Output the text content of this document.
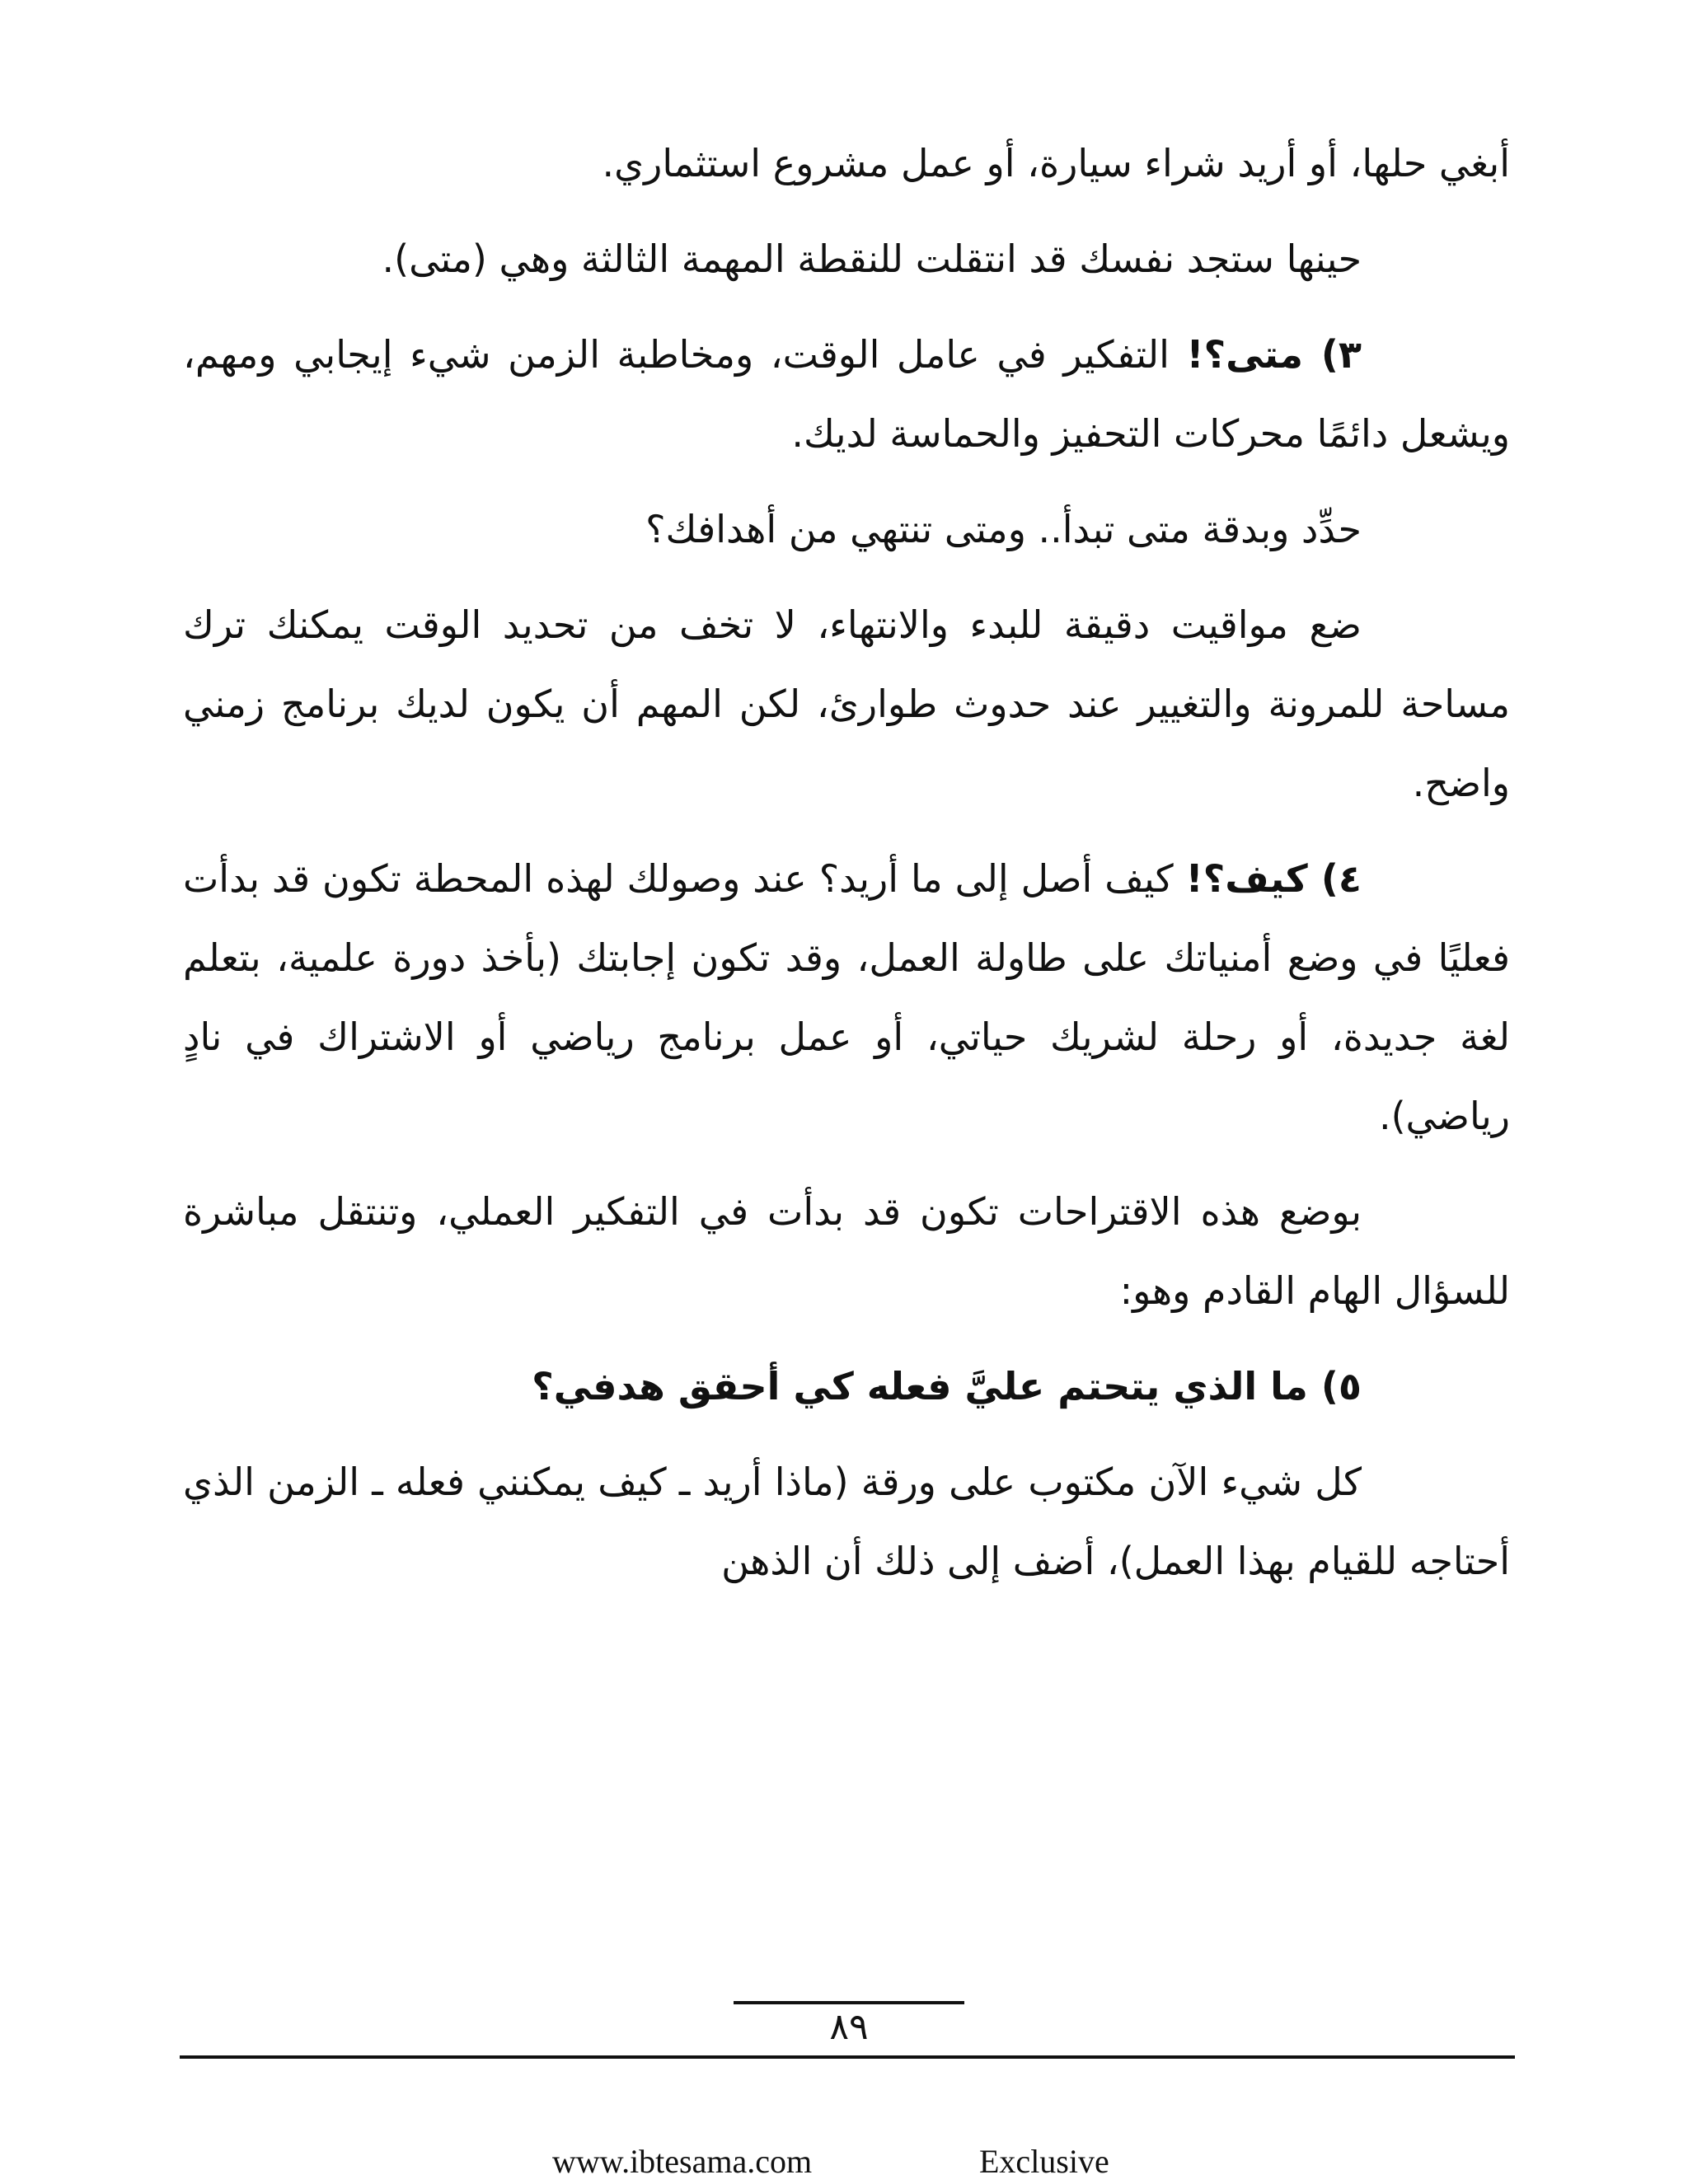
أبغي حلها، أو أريد شراء سيارة، أو عمل مشروع استثماري.

حينها ستجد نفسك قد انتقلت للنقطة المهمة الثالثة وهي (متى).

٣) متى؟! التفكير في عامل الوقت، ومخاطبة الزمن شيء إيجابي ومهم، ويشعل دائمًا محركات التحفيز والحماسة لديك.

حدِّد وبدقة متى تبدأ.. ومتى تنتهي من أهدافك؟

ضع مواقيت دقيقة للبدء والانتهاء، لا تخف من تحديد الوقت يمكنك ترك مساحة للمرونة والتغيير عند حدوث طوارئ، لكن المهم أن يكون لديك برنامج زمني واضح.

٤) كيف؟! كيف أصل إلى ما أريد؟ عند وصولك لهذه المحطة تكون قد بدأت فعليًا في وضع أمنياتك على طاولة العمل، وقد تكون إجابتك (بأخذ دورة علمية، بتعلم لغة جديدة، أو رحلة لشريك حياتي، أو عمل برنامج رياضي أو الاشتراك في نادٍ رياضي).

بوضع هذه الاقتراحات تكون قد بدأت في التفكير العملي، وتنتقل مباشرة للسؤال الهام القادم وهو:

٥) ما الذي يتحتم عليَّ فعله كي أحقق هدفي؟

كل شيء الآن مكتوب على ورقة (ماذا أريد ـ كيف يمكنني فعله ـ الزمن الذي أحتاجه للقيام بهذا العمل)، أضف إلى ذلك أن الذهن

٨٩
www.ibtesama.com	Exclusive
